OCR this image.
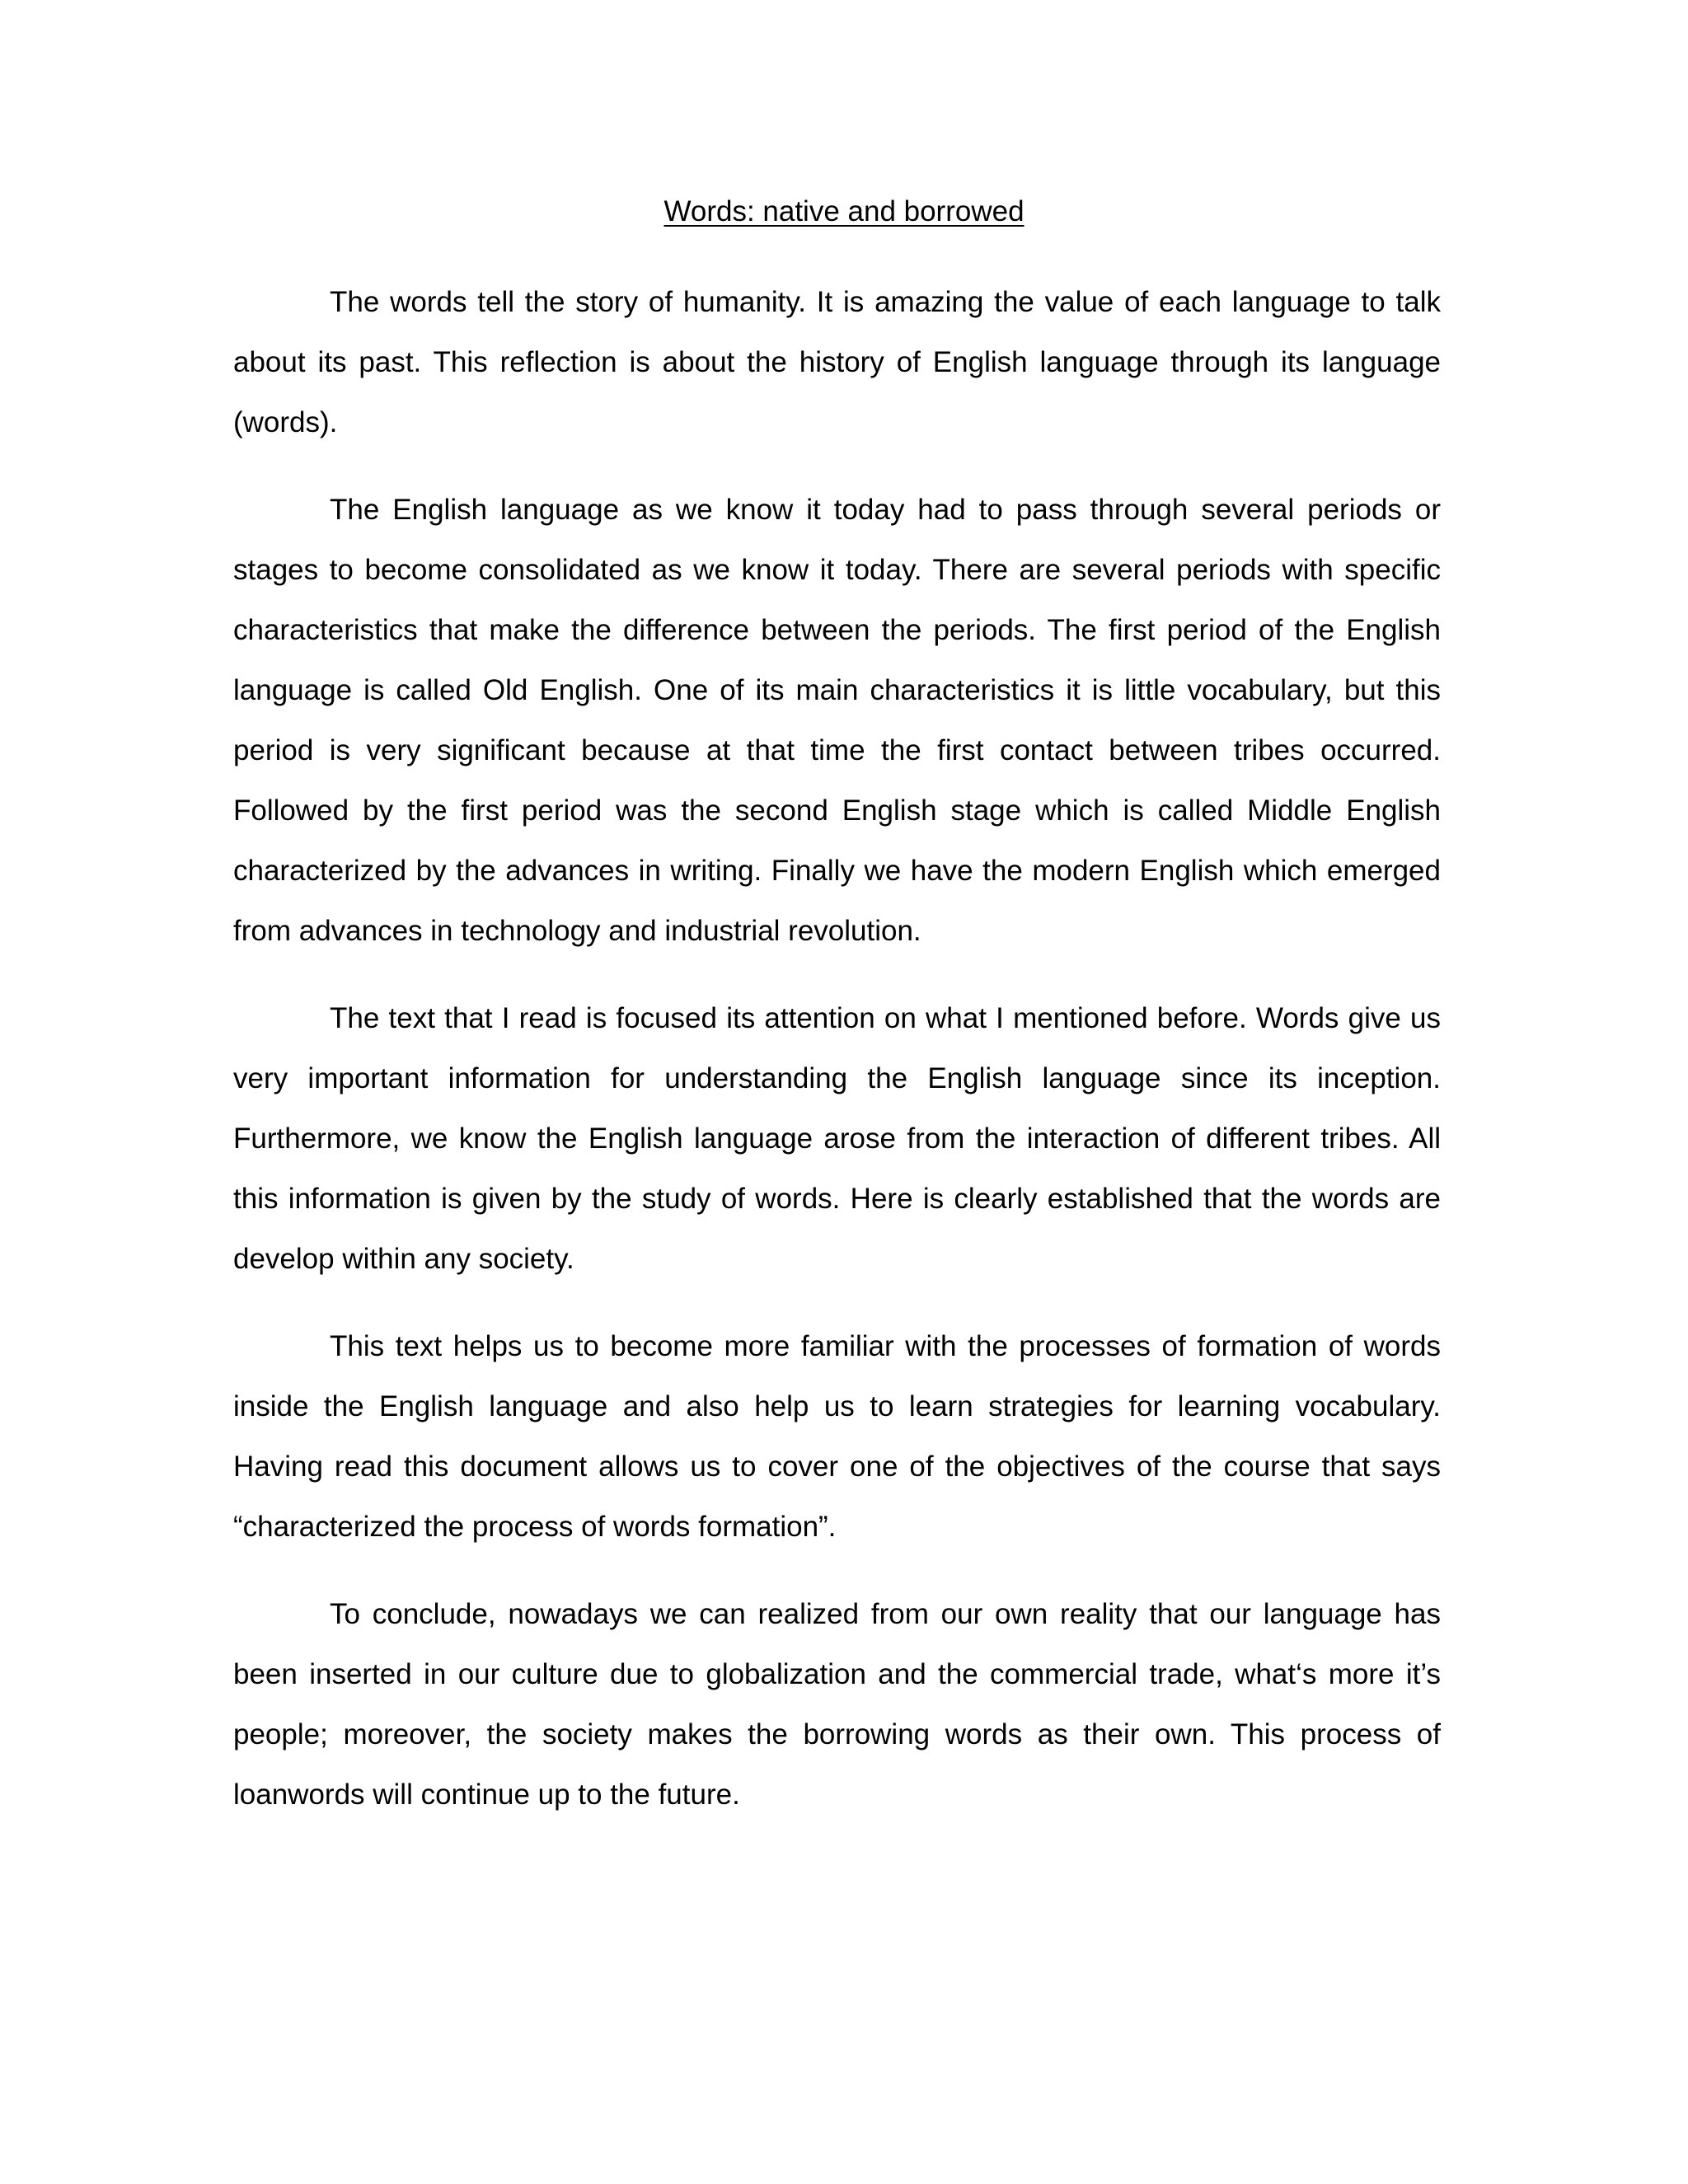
Words: native and borrowed

The words tell the story of humanity. It is amazing the value of each language to talk about its past. This reflection is about the history of English language through its language (words).

The English language as we know it today had to pass through several periods or stages to become consolidated as we know it today. There are several periods with specific characteristics that make the difference between the periods. The first period of the English language is called Old English. One of its main characteristics it is little vocabulary, but this period is very significant because at that time the first contact between tribes occurred. Followed by the first period was the second English stage which is called Middle English characterized by the advances in writing. Finally we have the modern English which emerged from advances in technology and industrial revolution.

The text that I read is focused its attention on what I mentioned before. Words give us very important information for understanding the English language since its inception. Furthermore, we know the English language arose from the interaction of different tribes. All this information is given by the study of words. Here is clearly established that the words are develop within any society.

This text helps us to become more familiar with the processes of formation of words inside the English language and also help us to learn strategies for learning vocabulary. Having read this document allows us to cover one of the objectives of the course that says “characterized the process of words formation”.

To conclude, nowadays we can realized from our own reality that our language has been inserted in our culture due to globalization and the commercial trade, what‘s more it’s people; moreover, the society makes the borrowing words as their own. This process of loanwords will continue up to the future.
